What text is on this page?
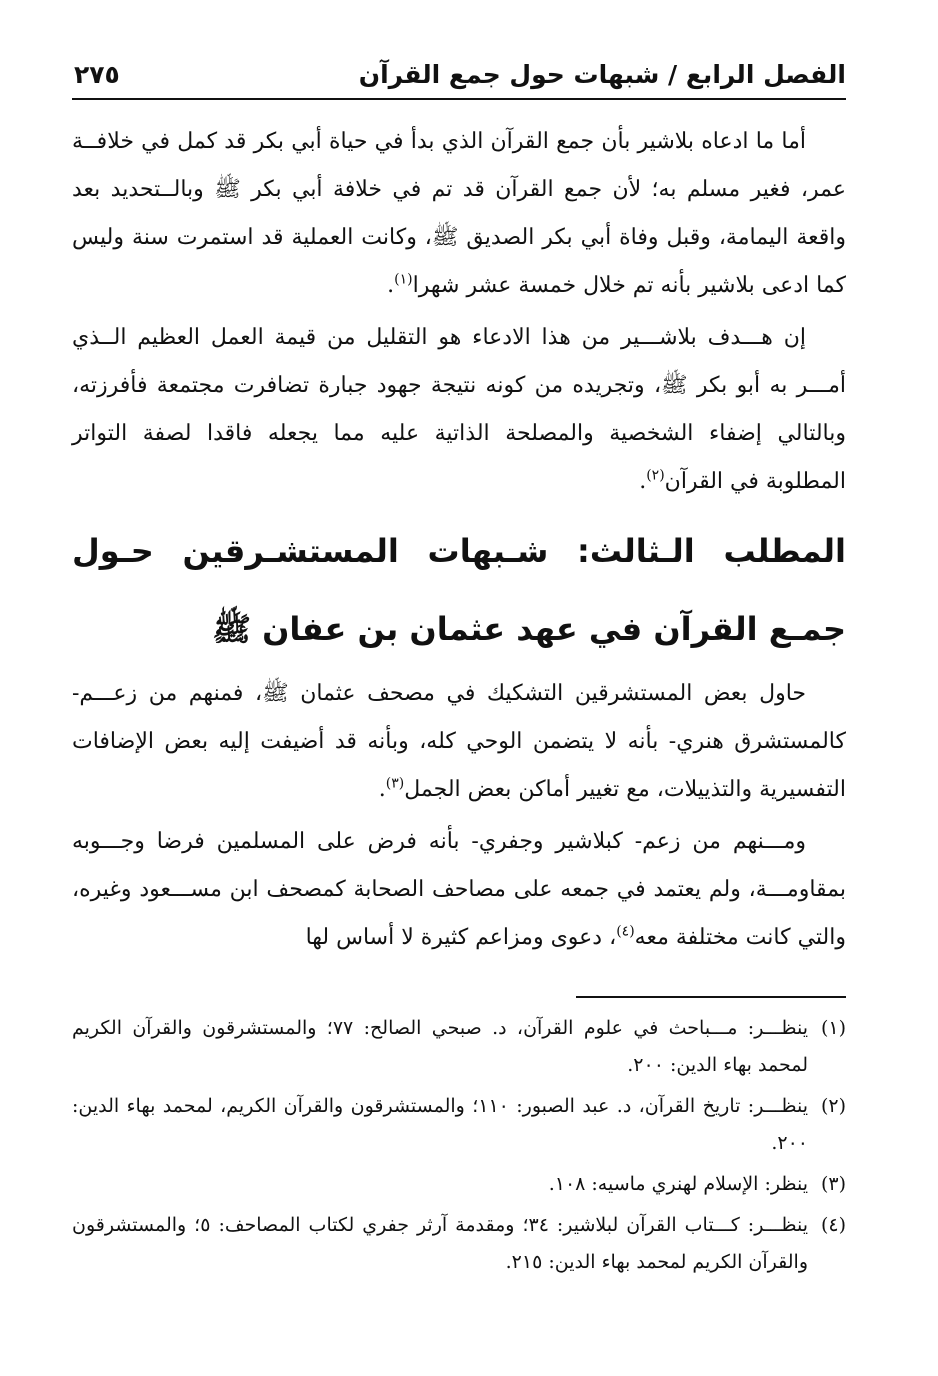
الفصل الرابع / شبهات حول جمع القرآن
٢٧٥

أما ما ادعاه بلاشير بأن جمع القرآن الذي بدأ في حياة أبي بكر قد كمل في خلافــة عمر، فغير مسلم به؛ لأن جمع القرآن قد تم في خلافة أبي بكر ﷺ وبالــتحديد بعد واقعة اليمامة، وقبل وفاة أبي بكر الصديق ﷺ، وكانت العملية قد استمرت سنة وليس كما ادعى بلاشير بأنه تم خلال خمسة عشر شهرا$^{(١)}$.

إن هـــدف بلاشـــير من هذا الادعاء هو التقليل من قيمة العمل العظيم الــذي أمـــر به أبو بكر ﷺ، وتجريده من كونه نتيجة جهود جبارة تضافرت مجتمعة فأفرزته، وبالتالي إضفاء الشخصية والمصلحة الذاتية عليه مما يجعله فاقدا لصفة التواتر المطلوبة في القرآن$^{(٢)}$.

المطلب الـثالث: شـبهات المستشـرقين حـول جمـع القرآن في عهد عثمان بن عفان ﷺ

حاول بعض المستشرقين التشكيك في مصحف عثمان ﷺ، فمنهم من زعـــم- كالمستشرق هنري- بأنه لا يتضمن الوحي كله، وبأنه قد أضيفت إليه بعض الإضافات التفسيرية والتذييلات، مع تغيير أماكن بعض الجمل$^{(٣)}$.

ومـــنهم من زعم- كبلاشير وجفري- بأنه فرض على المسلمين فرضا وجـــوبه بمقاومـــة، ولم يعتمد في جمعه على مصاحف الصحابة كمصحف ابن مســـعود وغيره، والتي كانت مختلفة معه$^{(٤)}$، دعوى ومزاعم كثيرة لا أساس لها

(١)ينظـــر: مـــباحث في علوم القرآن، د. صبحي الصالح: ٧٧؛ والمستشرقون والقرآن الكريم لمحمد بهاء الدين: ٢٠٠.

(٢)ينظـــر: تاريخ القرآن، د. عبد الصبور: ١١٠؛ والمستشرقون والقرآن الكريم، لمحمد بهاء الدين: ٢٠٠.

(٣)ينظر: الإسلام لهنري ماسيه: ١٠٨.

(٤)ينظـــر: كـــتاب القرآن لبلاشير: ٣٤؛ ومقدمة آرثر جفري لكتاب المصاحف: ٥؛ والمستشرقون والقرآن الكريم لمحمد بهاء الدين: ٢١٥.
